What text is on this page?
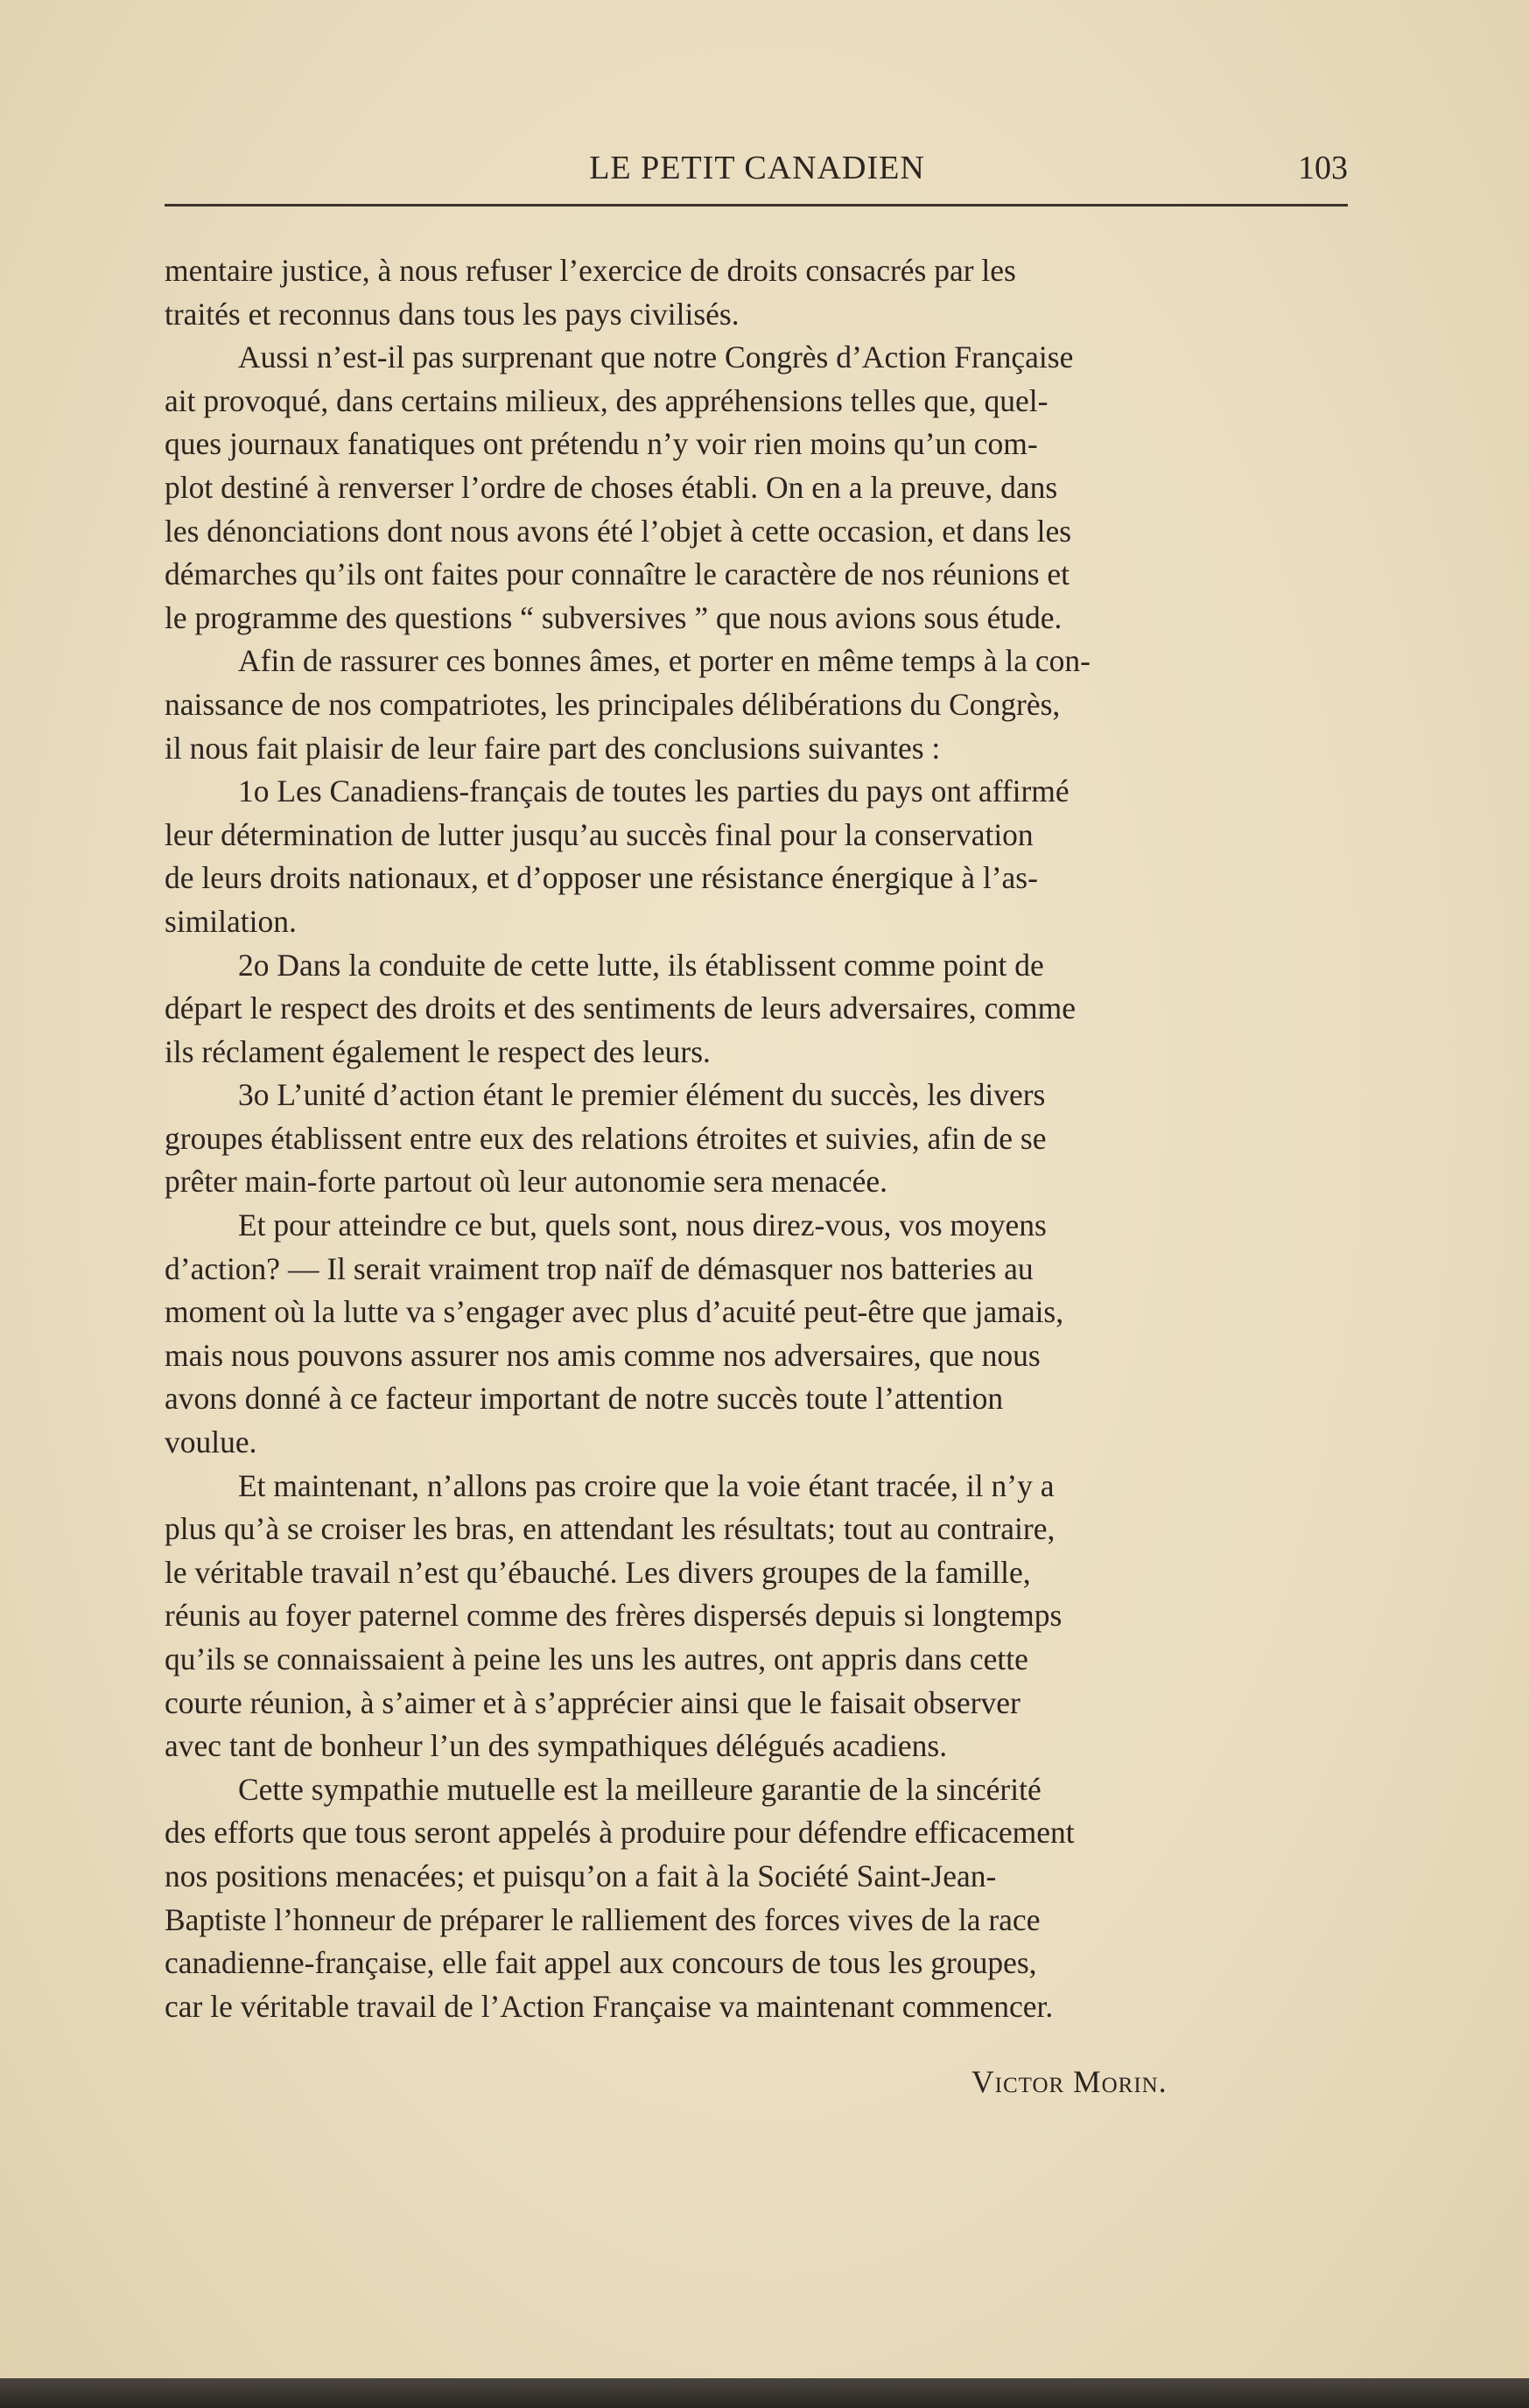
LE PETIT CANADIEN	103
mentaire justice, à nous refuser l’exercice de droits consacrés par les
traités et reconnus dans tous les pays civilisés.
Aussi n’est-il pas surprenant que notre Congrès d’Action Française
ait provoqué, dans certains milieux, des appréhensions telles que, quel-
ques journaux fanatiques ont prétendu n’y voir rien moins qu’un com-
plot destiné à renverser l’ordre de choses établi. On en a la preuve, dans
les dénonciations dont nous avons été l’objet à cette occasion, et dans les
démarches qu’ils ont faites pour connaître le caractère de nos réunions et
le programme des questions “ subversives ” que nous avions sous étude.
Afin de rassurer ces bonnes âmes, et porter en même temps à la con-
naissance de nos compatriotes, les principales délibérations du Congrès,
il nous fait plaisir de leur faire part des conclusions suivantes :
1o Les Canadiens-français de toutes les parties du pays ont affirmé
leur détermination de lutter jusqu’au succès final pour la conservation
de leurs droits nationaux, et d’opposer une résistance énergique à l’as-
similation.
2o Dans la conduite de cette lutte, ils établissent comme point de
départ le respect des droits et des sentiments de leurs adversaires, comme
ils réclament également le respect des leurs.
3o L’unité d’action étant le premier élément du succès, les divers
groupes établissent entre eux des relations étroites et suivies, afin de se
prêter main-forte partout où leur autonomie sera menacée.
Et pour atteindre ce but, quels sont, nous direz-vous, vos moyens
d’action? — Il serait vraiment trop naïf de démasquer nos batteries au
moment où la lutte va s’engager avec plus d’acuité peut-être que jamais,
mais nous pouvons assurer nos amis comme nos adversaires, que nous
avons donné à ce facteur important de notre succès toute l’attention
voulue.
Et maintenant, n’allons pas croire que la voie étant tracée, il n’y a
plus qu’à se croiser les bras, en attendant les résultats; tout au contraire,
le véritable travail n’est qu’ébauché. Les divers groupes de la famille,
réunis au foyer paternel comme des frères dispersés depuis si longtemps
qu’ils se connaissaient à peine les uns les autres, ont appris dans cette
courte réunion, à s’aimer et à s’apprécier ainsi que le faisait observer
avec tant de bonheur l’un des sympathiques délégués acadiens.
Cette sympathie mutuelle est la meilleure garantie de la sincérité
des efforts que tous seront appelés à produire pour défendre efficacement
nos positions menacées; et puisqu’on a fait à la Société Saint-Jean-
Baptiste l’honneur de préparer le ralliement des forces vives de la race
canadienne-française, elle fait appel aux concours de tous les groupes,
car le véritable travail de l’Action Française va maintenant commencer.
Victor Morin.
